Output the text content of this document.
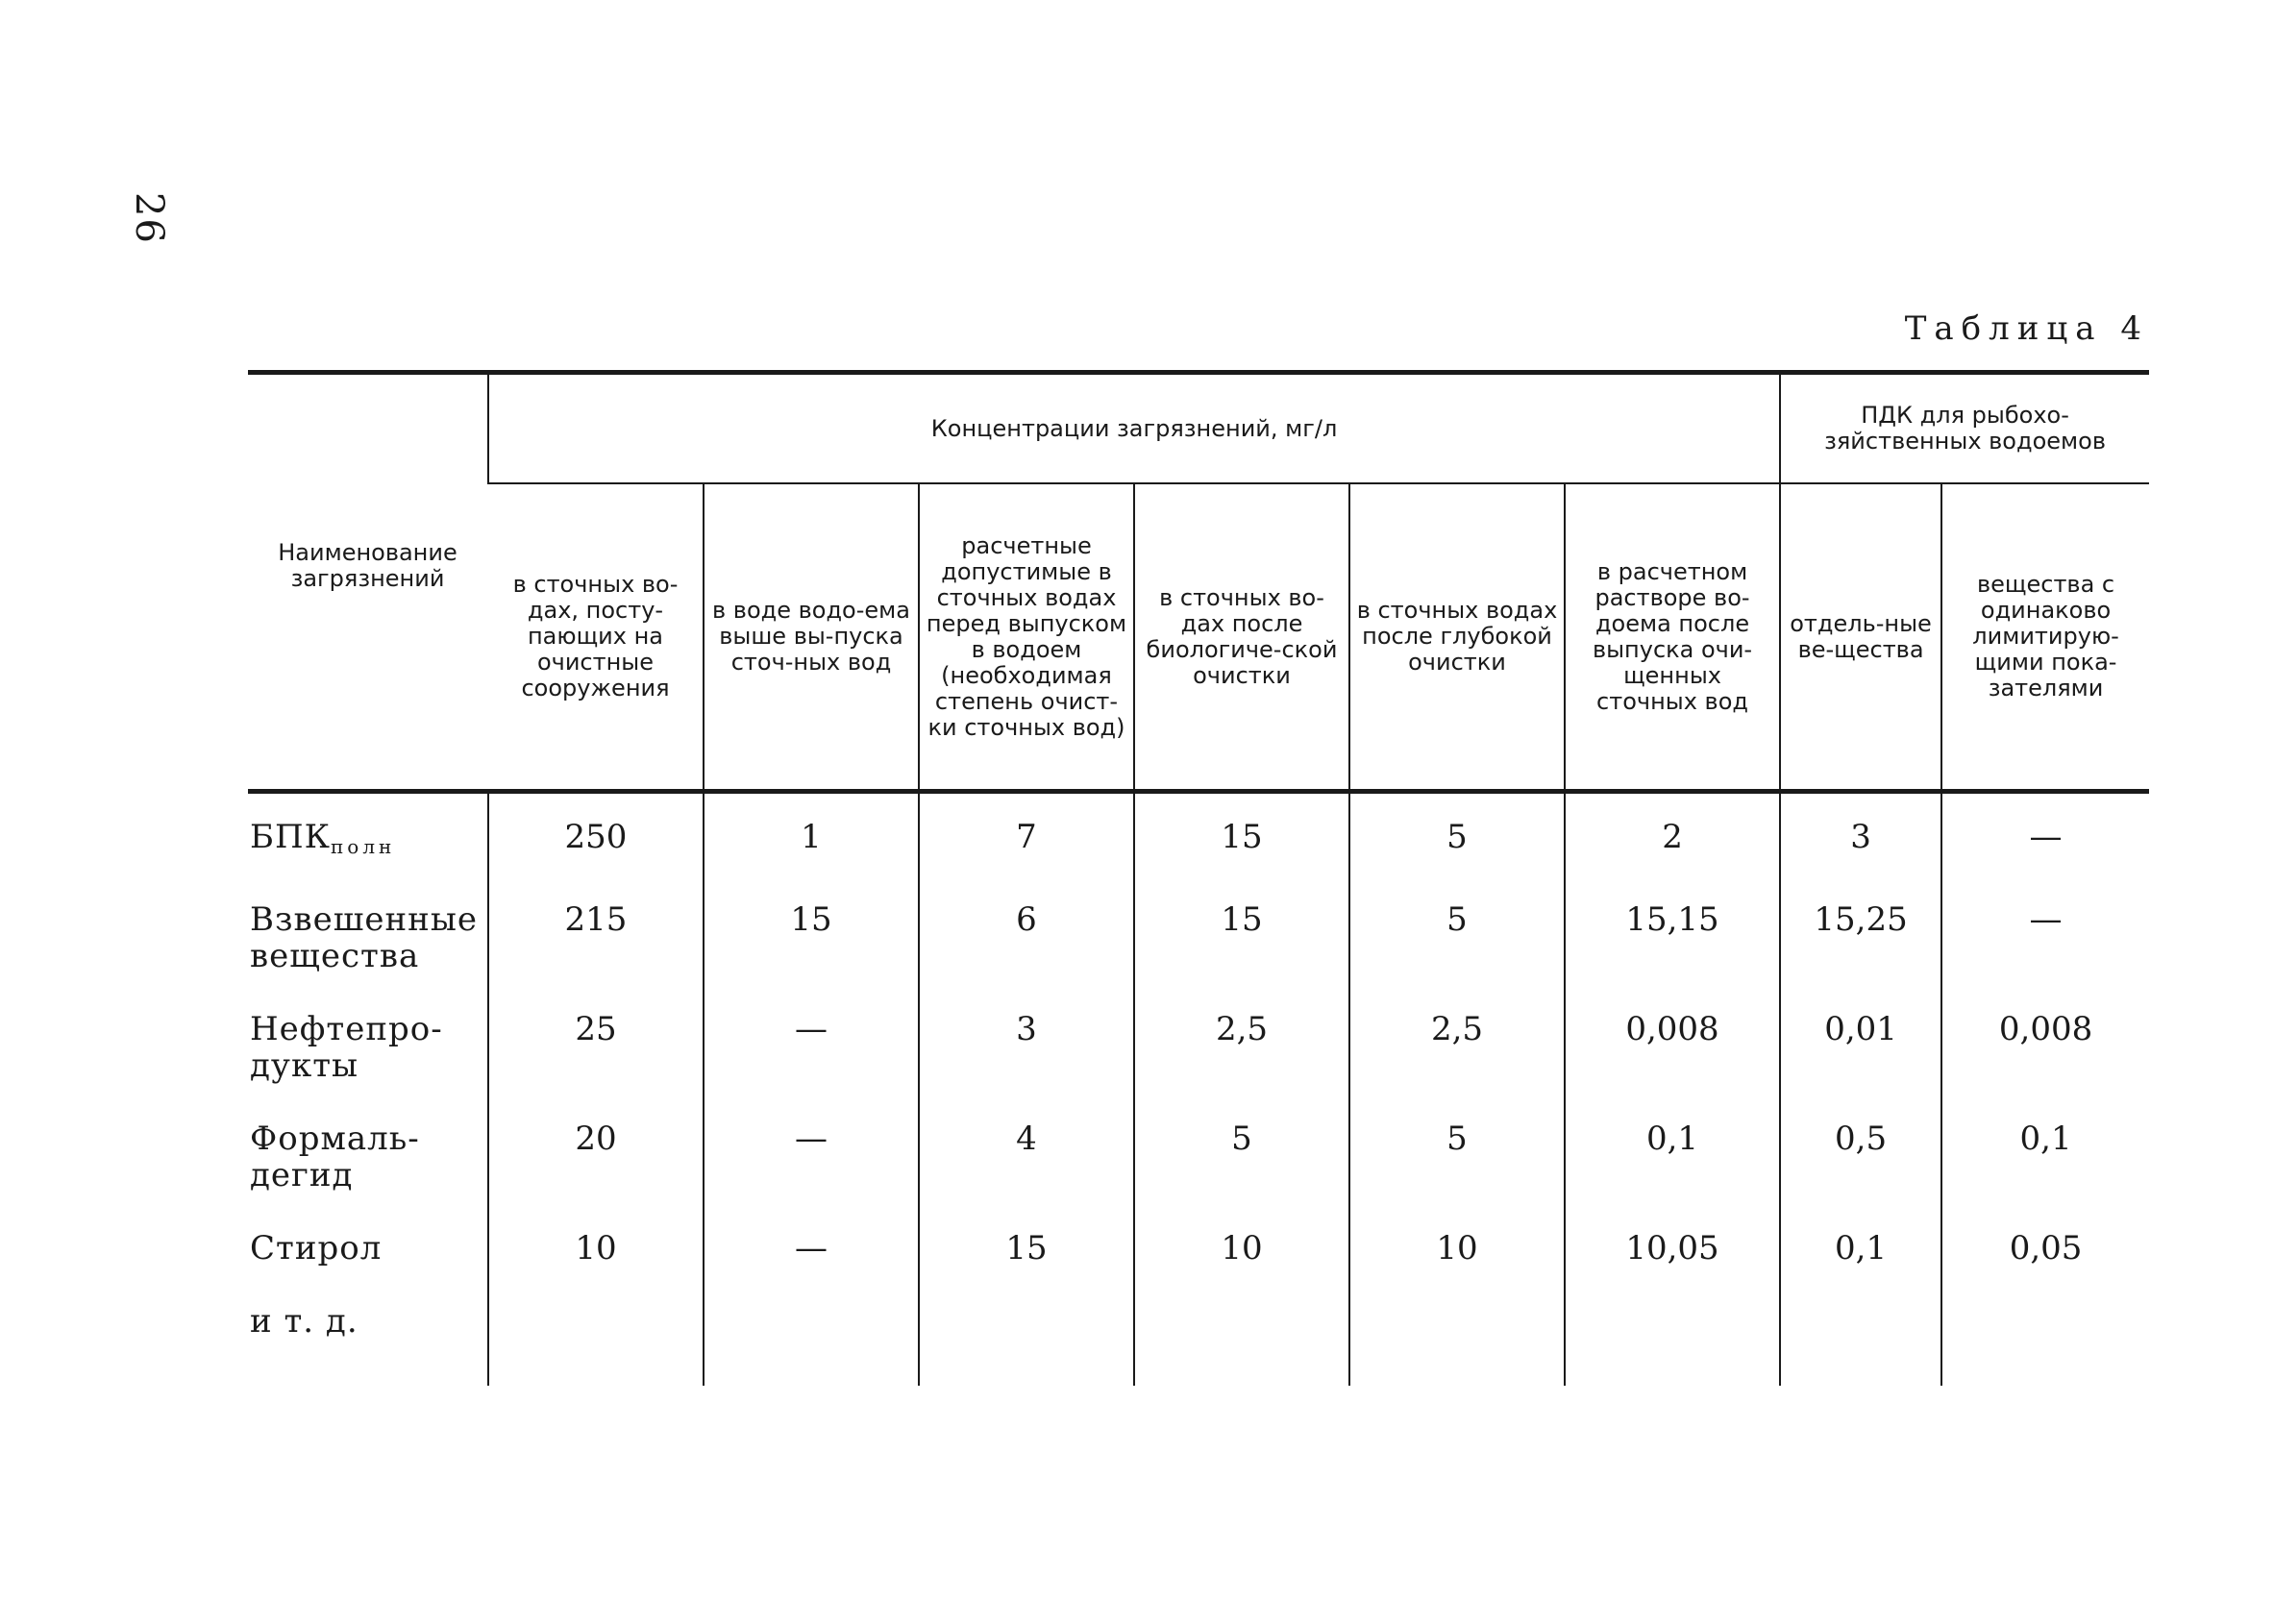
26
Таблица 4
Наименование загрязнений	Концентрации загрязнений, мг/л						ПДК для рыбохо-зяйственных водоемов	
	в сточных во-дах, посту-пающих на очистные сооружения	в воде водо-ема выше вы-пуска сточ-ных вод	расчетные допустимые в сточных водах перед выпуском в водоем (необходимая степень очист-ки сточных вод)	в сточных во-дах после биологиче-ской очистки	в сточных водах после глубокой очистки	в расчетном растворе во-доема после выпуска очи-щенных сточных вод	отдель-ные ве-щества	вещества с одинаково лимитирую-щими пока-зателями
$БПК_{полн}$	250	1	7	15	5	2	3	—
Взвешенные вещества	215	15	6	15	5	15,15	15,25	—
Нефтепро-дукты	25	—	3	2,5	2,5	0,008	0,01	0,008
Формаль-дегид	20	—	4	5	5	0,1	0,5	0,1
Стирол	10	—	15	10	10	10,05	0,1	0,05
и т. д.								
